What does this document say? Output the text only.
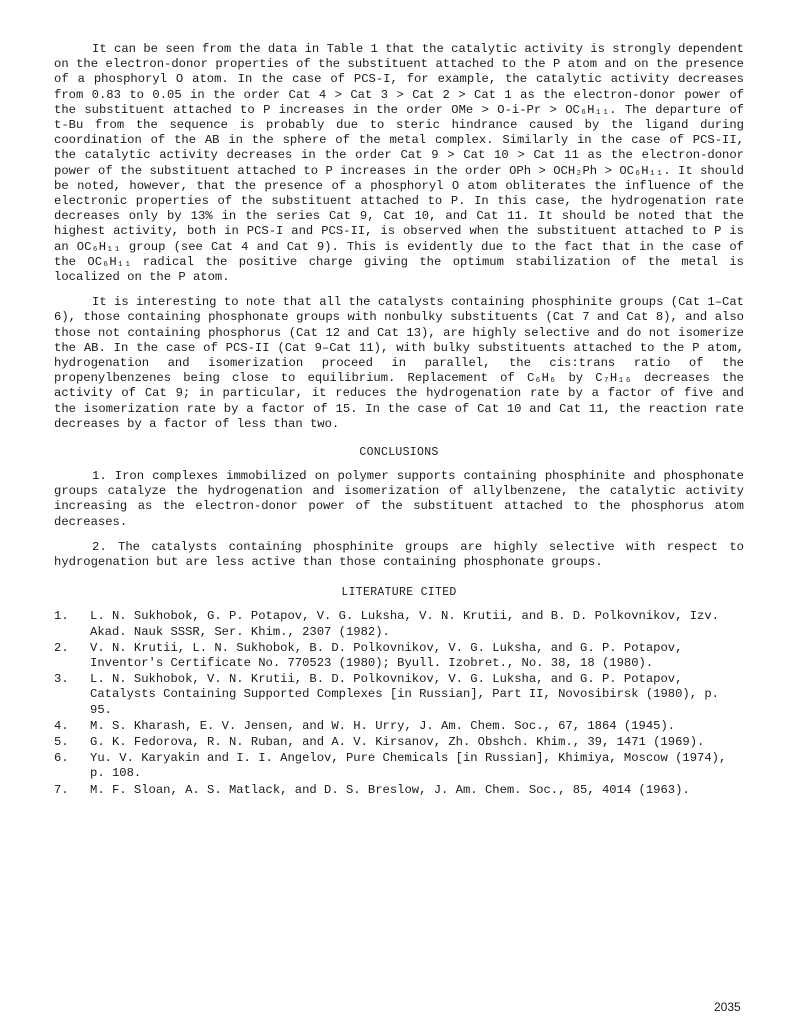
It can be seen from the data in Table 1 that the catalytic activity is strongly dependent on the electron-donor properties of the substituent attached to the P atom and on the presence of a phosphoryl O atom. In the case of PCS-I, for example, the catalytic activity decreases from 0.83 to 0.05 in the order Cat 4 > Cat 3 > Cat 2 > Cat 1 as the electron-donor power of the substituent attached to P increases in the order OMe > O-i-Pr > OC₆H₁₁. The departure of t-Bu from the sequence is probably due to steric hindrance caused by the ligand during coordination of the AB in the sphere of the metal complex. Similarly in the case of PCS-II, the catalytic activity decreases in the order Cat 9 > Cat 10 > Cat 11 as the electron-donor power of the substituent attached to P increases in the order OPh > OCH₂Ph > OC₆H₁₁. It should be noted, however, that the presence of a phosphoryl O atom obliterates the influence of the electronic properties of the substituent attached to P. In this case, the hydrogenation rate decreases only by 13% in the series Cat 9, Cat 10, and Cat 11. It should be noted that the highest activity, both in PCS-I and PCS-II, is observed when the substituent attached to P is an OC₆H₁₁ group (see Cat 4 and Cat 9). This is evidently due to the fact that in the case of the OC₆H₁₁ radical the positive charge giving the optimum stabilization of the metal is localized on the P atom.

It is interesting to note that all the catalysts containing phosphinite groups (Cat 1–Cat 6), those containing phosphonate groups with nonbulky substituents (Cat 7 and Cat 8), and also those not containing phosphorus (Cat 12 and Cat 13), are highly selective and do not isomerize the AB. In the case of PCS-II (Cat 9–Cat 11), with bulky substituents attached to the P atom, hydrogenation and isomerization proceed in parallel, the cis:trans ratio of the propenylbenzenes being close to equilibrium. Replacement of C₆H₆ by C₇H₁₆ decreases the activity of Cat 9; in particular, it reduces the hydrogenation rate by a factor of five and the isomerization rate by a factor of 15. In the case of Cat 10 and Cat 11, the reaction rate decreases by a factor of less than two.

CONCLUSIONS

1. Iron complexes immobilized on polymer supports containing phosphinite and phosphonate groups catalyze the hydrogenation and isomerization of allylbenzene, the catalytic activity increasing as the electron-donor power of the substituent attached to the phosphorus atom decreases.

2. The catalysts containing phosphinite groups are highly selective with respect to hydrogenation but are less active than those containing phosphonate groups.

LITERATURE CITED
1.	L. N. Sukhobok, G. P. Potapov, V. G. Luksha, V. N. Krutii, and B. D. Polkovnikov, Izv. Akad. Nauk SSSR, Ser. Khim., 2307 (1982).
2.	V. N. Krutii, L. N. Sukhobok, B. D. Polkovnikov, V. G. Luksha, and G. P. Potapov, Inventor's Certificate No. 770523 (1980); Byull. Izobret., No. 38, 18 (1980).
3.	L. N. Sukhobok, V. N. Krutii, B. D. Polkovnikov, V. G. Luksha, and G. P. Potapov, Catalysts Containing Supported Complexes [in Russian], Part II, Novosibirsk (1980), p. 95.
4.	M. S. Kharash, E. V. Jensen, and W. H. Urry, J. Am. Chem. Soc., 67, 1864 (1945).
5.	G. K. Fedorova, R. N. Ruban, and A. V. Kirsanov, Zh. Obshch. Khim., 39, 1471 (1969).
6.	Yu. V. Karyakin and I. I. Angelov, Pure Chemicals [in Russian], Khimiya, Moscow (1974), p. 108.
7.	M. F. Sloan, A. S. Matlack, and D. S. Breslow, J. Am. Chem. Soc., 85, 4014 (1963).
2035
